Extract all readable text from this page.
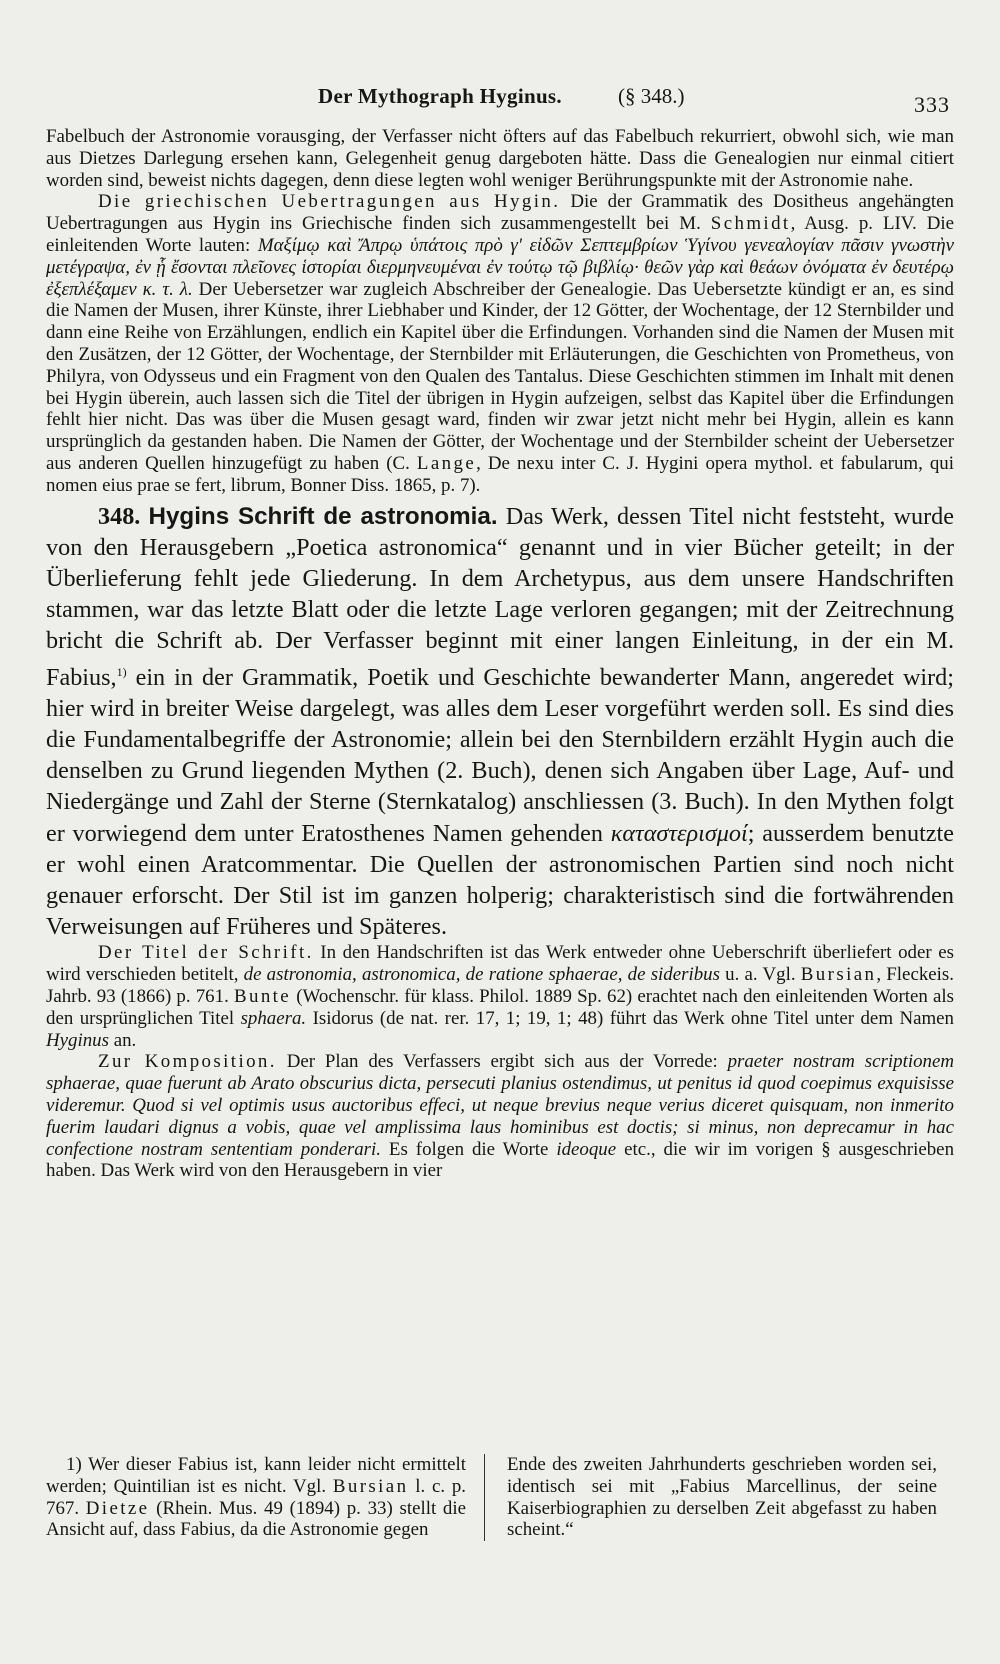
Der Mythograph Hyginus.	(§ 348.)	333

Fabelbuch der Astronomie vorausging, der Verfasser nicht öfters auf das Fabelbuch rekurriert, obwohl sich, wie man aus Dietzes Darlegung ersehen kann, Gelegenheit genug dargeboten hätte. Dass die Genealogien nur einmal citiert worden sind, beweist nichts dagegen, denn diese legten wohl weniger Berührungspunkte mit der Astronomie nahe.

Die griechischen Uebertragungen aus Hygin. Die der Grammatik des Dositheus angehängten Uebertragungen aus Hygin ins Griechische finden sich zusammengestellt bei M. Schmidt, Ausg. p. LIV. Die einleitenden Worte lauten: Μαξίμῳ καὶ Ἄπρῳ ὑπάτοις πρὸ γ' εἰδῶν Σεπτεμβρίων Ὑγίνου γενεαλογίαν πᾶσιν γνωστὴν μετέγραψα, ἐν ᾗ ἔσονται πλεῖονες ἱστορίαι διερμηνευμέναι ἐν τούτῳ τῷ βιβλίῳ· θεῶν γὰρ καὶ θεάων ὀνόματα ἐν δευτέρῳ ἐξεπλέξαμεν κ. τ. λ. Der Uebersetzer war zugleich Abschreiber der Genealogie. Das Uebersetzte kündigt er an, es sind die Namen der Musen, ihrer Künste, ihrer Liebhaber und Kinder, der 12 Götter, der Wochentage, der 12 Sternbilder und dann eine Reihe von Erzählungen, endlich ein Kapitel über die Erfindungen. Vorhanden sind die Namen der Musen mit den Zusätzen, der 12 Götter, der Wochentage, der Sternbilder mit Erläuterungen, die Geschichten von Prometheus, von Philyra, von Odysseus und ein Fragment von den Qualen des Tantalus. Diese Geschichten stimmen im Inhalt mit denen bei Hygin überein, auch lassen sich die Titel der übrigen in Hygin aufzeigen, selbst das Kapitel über die Erfindungen fehlt hier nicht. Das was über die Musen gesagt ward, finden wir zwar jetzt nicht mehr bei Hygin, allein es kann ursprünglich da gestanden haben. Die Namen der Götter, der Wochentage und der Sternbilder scheint der Uebersetzer aus anderen Quellen hinzugefügt zu haben (C. Lange, De nexu inter C. J. Hygini opera mythol. et fabularum, qui nomen eius prae se fert, librum, Bonner Diss. 1865, p. 7).

348. Hygins Schrift de astronomia. Das Werk, dessen Titel nicht feststeht, wurde von den Herausgebern „Poetica astronomica“ genannt und in vier Bücher geteilt; in der Überlieferung fehlt jede Gliederung. In dem Archetypus, aus dem unsere Handschriften stammen, war das letzte Blatt oder die letzte Lage verloren gegangen; mit der Zeitrechnung bricht die Schrift ab. Der Verfasser beginnt mit einer langen Einleitung, in der ein M. Fabius,$^{1)}$ ein in der Grammatik, Poetik und Geschichte bewanderter Mann, angeredet wird; hier wird in breiter Weise dargelegt, was alles dem Leser vorgeführt werden soll. Es sind dies die Fundamentalbegriffe der Astronomie; allein bei den Sternbildern erzählt Hygin auch die denselben zu Grund liegenden Mythen (2. Buch), denen sich Angaben über Lage, Auf- und Niedergänge und Zahl der Sterne (Sternkatalog) anschliessen (3. Buch). In den Mythen folgt er vorwiegend dem unter Eratosthenes Namen gehenden καταστερισμοί; ausserdem benutzte er wohl einen Aratcommentar. Die Quellen der astronomischen Partien sind noch nicht genauer erforscht. Der Stil ist im ganzen holperig; charakteristisch sind die fortwährenden Verweisungen auf Früheres und Späteres.

Der Titel der Schrift. In den Handschriften ist das Werk entweder ohne Ueberschrift überliefert oder es wird verschieden betitelt, de astronomia, astronomica, de ratione sphaerae, de sideribus u. a. Vgl. Bursian, Fleckeis. Jahrb. 93 (1866) p. 761. Bunte (Wochenschr. für klass. Philol. 1889 Sp. 62) erachtet nach den einleitenden Worten als den ursprünglichen Titel sphaera. Isidorus (de nat. rer. 17, 1; 19, 1; 48) führt das Werk ohne Titel unter dem Namen Hyginus an.

Zur Komposition. Der Plan des Verfassers ergibt sich aus der Vorrede: praeter nostram scriptionem sphaerae, quae fuerunt ab Arato obscurius dicta, persecuti planius ostendimus, ut penitus id quod coepimus exquisisse videremur. Quod si vel optimis usus auctoribus effeci, ut neque brevius neque verius diceret quisquam, non inmerito fuerim laudari dignus a vobis, quae vel amplissima laus hominibus est doctis; si minus, non deprecamur in hac confectione nostram sententiam ponderari. Es folgen die Worte ideoque etc., die wir im vorigen § ausgeschrieben haben. Das Werk wird von den Herausgebern in vier

1) Wer dieser Fabius ist, kann leider nicht ermittelt werden; Quintilian ist es nicht. Vgl. Bursian l. c. p. 767. Dietze (Rhein. Mus. 49 (1894) p. 33) stellt die Ansicht auf, dass Fabius, da die Astronomie gegen
Ende des zweiten Jahrhunderts geschrieben worden sei, identisch sei mit „Fabius Marcellinus, der seine Kaiserbiographien zu derselben Zeit abgefasst zu haben scheint.“
